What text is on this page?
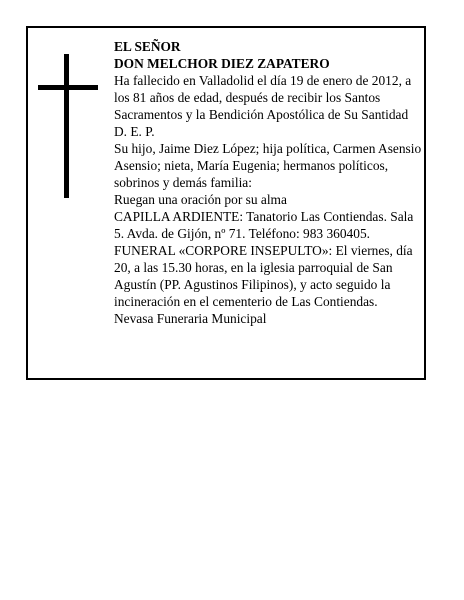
EL SEÑOR

DON MELCHOR DIEZ ZAPATERO

Ha fallecido en Valladolid el día 19 de enero de 2012, a los 81 años de edad, después de recibir los Santos Sacramentos y la Bendición Apostólica de Su Santidad D. E. P.

Su hijo, Jaime Diez López; hija política, Carmen Asensio Asensio; nieta, María Eugenia; hermanos políticos, sobrinos y demás familia:

Ruegan una oración por su alma

CAPILLA ARDIENTE: Tanatorio Las Contiendas. Sala 5. Avda. de Gijón, nº 71. Teléfono: 983 360405.

FUNERAL «CORPORE INSEPULTO»: El viernes, día 20, a las 15.30 horas, en la iglesia parroquial de San Agustín (PP. Agustinos Filipinos), y acto seguido la incineración en el cementerio de Las Contiendas.

Nevasa Funeraria Municipal
